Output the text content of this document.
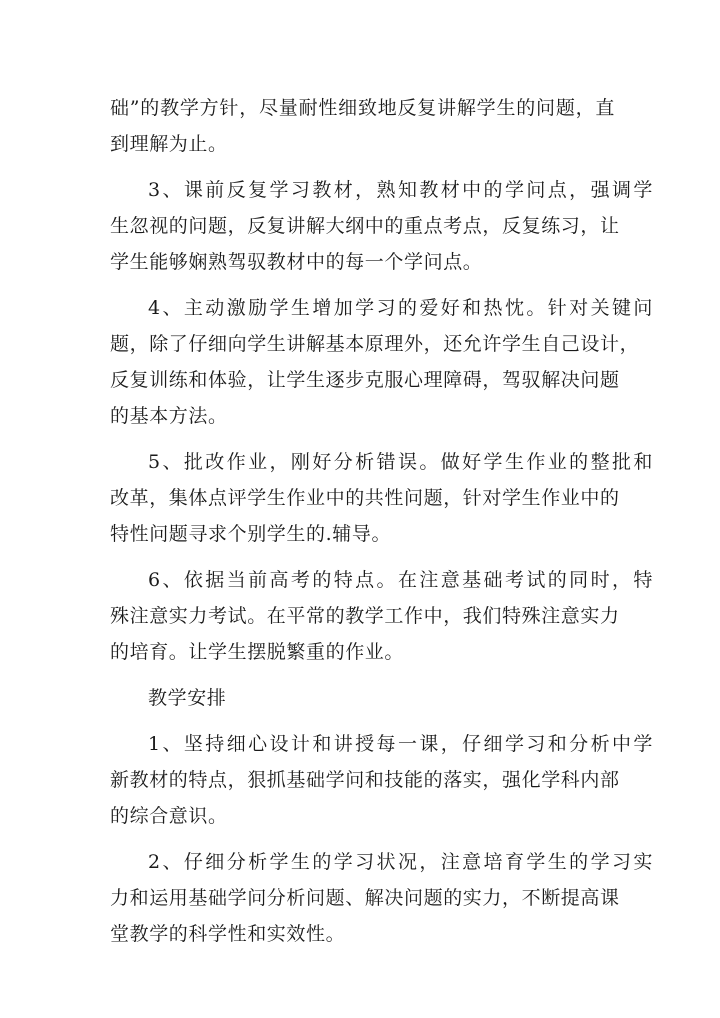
础”的教学方针，尽量耐性细致地反复讲解学生的问题，直
到理解为止。
3、课前反复学习教材，熟知教材中的学问点，强调学
生忽视的问题，反复讲解大纲中的重点考点，反复练习，让
学生能够娴熟驾驭教材中的每一个学问点。
4、主动激励学生增加学习的爱好和热忱。针对关键问
题，除了仔细向学生讲解基本原理外，还允许学生自己设计，
反复训练和体验，让学生逐步克服心理障碍，驾驭解决问题
的基本方法。
5、批改作业，刚好分析错误。做好学生作业的整批和
改革，集体点评学生作业中的共性问题，针对学生作业中的
特性问题寻求个别学生的.辅导。
6、依据当前高考的特点。在注意基础考试的同时，特
殊注意实力考试。在平常的教学工作中，我们特殊注意实力
的培育。让学生摆脱繁重的作业。
教学安排
1、坚持细心设计和讲授每一课，仔细学习和分析中学
新教材的特点，狠抓基础学问和技能的落实，强化学科内部
的综合意识。
2、仔细分析学生的学习状况，注意培育学生的学习实
力和运用基础学问分析问题、解决问题的实力，不断提高课
堂教学的科学性和实效性。
